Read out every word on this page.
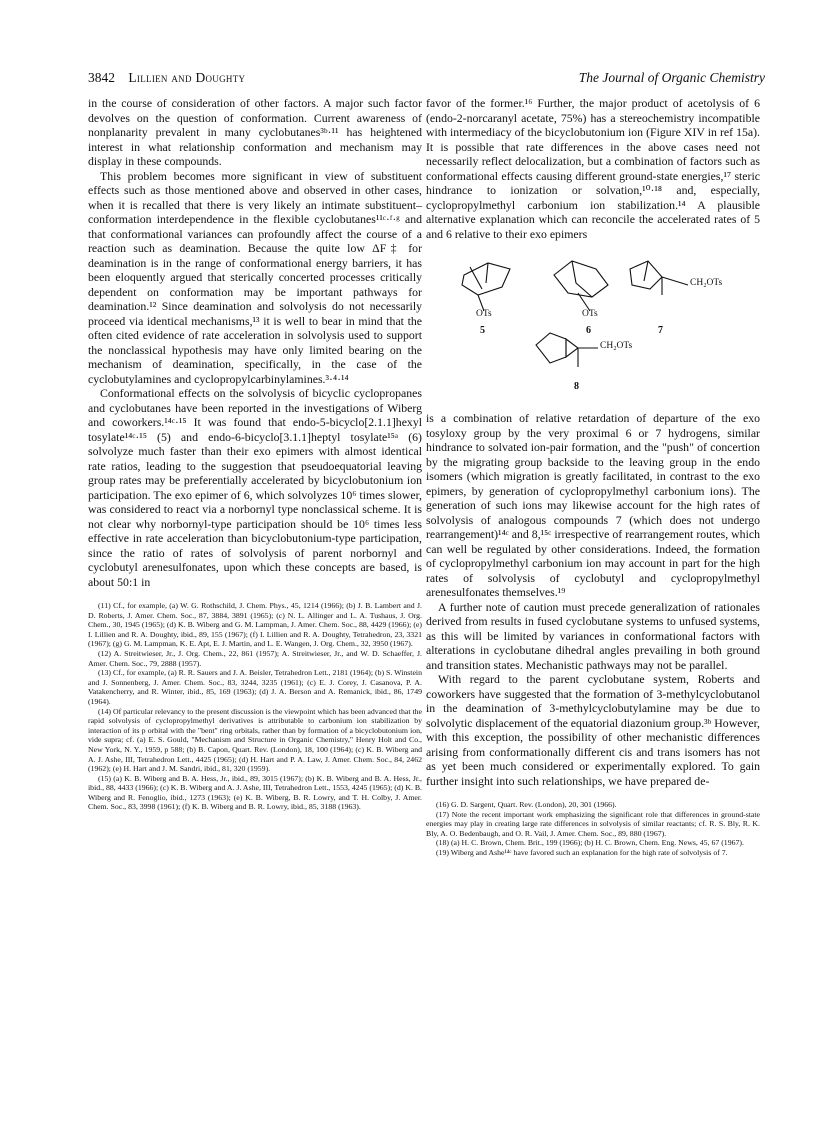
3842 Lillien and Doughty	The Journal of Organic Chemistry

in the course of consideration of other factors. A major such factor devolves on the question of conformation. Current awareness of nonplanarity prevalent in many cyclobutanes³ᵇ·¹¹ has heightened interest in what relationship conformation and mechanism may display in these compounds.

This problem becomes more significant in view of substituent effects such as those mentioned above and observed in other cases, when it is recalled that there is very likely an intimate substituent–conformation interdependence in the flexible cyclobutanes¹¹ᶜ·ᶠ·ᵍ and that conformational variances can profoundly affect the course of a reaction such as deamination. Because the quite low ΔF‡ for deamination is in the range of conformational energy barriers, it has been eloquently argued that sterically concerted processes critically dependent on conformation may be important pathways for deamination.¹² Since deamination and solvolysis do not necessarily proceed via identical mechanisms,¹³ it is well to bear in mind that the often cited evidence of rate acceleration in solvolysis used to support the nonclassical hypothesis may have only limited bearing on the mechanism of deamination, specifically, in the case of the cyclobutylamines and cyclopropylcarbinylamines.³·⁴·¹⁴

Conformational effects on the solvolysis of bicyclic cyclopropanes and cyclobutanes have been reported in the investigations of Wiberg and coworkers.¹⁴ᶜ·¹⁵ It was found that endo-5-bicyclo[2.1.1]hexyl tosylate¹⁴ᶜ·¹⁵ (5) and endo-6-bicyclo[3.1.1]heptyl tosylate¹⁵ᵃ (6) solvolyze much faster than their exo epimers with almost identical rate ratios, leading to the suggestion that pseudoequatorial leaving group rates may be preferentially accelerated by bicyclobutonium ion participation. The exo epimer of 6, which solvolyzes 10⁶ times slower, was considered to react via a norbornyl type nonclassical scheme. It is not clear why norbornyl-type participation should be 10⁶ times less effective in rate acceleration than bicyclobutonium-type participation, since the ratio of rates of solvolysis of parent norbornyl and cyclobutyl arenesulfonates, upon which these concepts are based, is about 50:1 in

(11) Cf., for example, (a) W. G. Rothschild, J. Chem. Phys., 45, 1214 (1966); (b) J. B. Lambert and J. D. Roberts, J. Amer. Chem. Soc., 87, 3884, 3891 (1965); (c) N. L. Allinger and L. A. Tushaus, J. Org. Chem., 30, 1945 (1965); (d) K. B. Wiberg and G. M. Lampman, J. Amer. Chem. Soc., 88, 4429 (1966); (e) I. Lillien and R. A. Doughty, ibid., 89, 155 (1967); (f) I. Lillien and R. A. Doughty, Tetrahedron, 23, 3321 (1967); (g) G. M. Lampman, K. E. Apt, E. J. Martin, and L. E. Wangen, J. Org. Chem., 32, 3950 (1967).

(12) A. Streitwieser, Jr., J. Org. Chem., 22, 861 (1957); A. Streitwieser, Jr., and W. D. Schaeffer, J. Amer. Chem. Soc., 79, 2888 (1957).

(13) Cf., for example, (a) R. R. Sauers and J. A. Beisler, Tetrahedron Lett., 2181 (1964); (b) S. Winstein and J. Sonnenberg, J. Amer. Chem. Soc., 83, 3244, 3235 (1961); (c) E. J. Corey, J. Casanova, P. A. Vatakencherry, and R. Winter, ibid., 85, 169 (1963); (d) J. A. Berson and A. Remanick, ibid., 86, 1749 (1964).

(14) Of particular relevancy to the present discussion is the viewpoint which has been advanced that the rapid solvolysis of cyclopropylmethyl derivatives is attributable to carbonium ion stabilization by interaction of its p orbital with the "bent" ring orbitals, rather than by formation of a bicyclobutonium ion, vide supra; cf. (a) E. S. Gould, "Mechanism and Structure in Organic Chemistry," Henry Holt and Co., New York, N. Y., 1959, p 588; (b) B. Capon, Quart. Rev. (London), 18, 100 (1964); (c) K. B. Wiberg and A. J. Ashe, III, Tetrahedron Lett., 4425 (1965); (d) H. Hart and P. A. Law, J. Amer. Chem. Soc., 84, 2462 (1962); (e) H. Hart and J. M. Sandri, ibid., 81, 320 (1959).

(15) (a) K. B. Wiberg and B. A. Hess, Jr., ibid., 89, 3015 (1967); (b) K. B. Wiberg and B. A. Hess, Jr., ibid., 88, 4433 (1966); (c) K. B. Wiberg and A. J. Ashe, III, Tetrahedron Lett., 1553, 4245 (1965); (d) K. B. Wiberg and R. Fenoglio, ibid., 1273 (1963); (e) K. B. Wiberg, B. R. Lowry, and T. H. Colby, J. Amer. Chem. Soc., 83, 3998 (1961); (f) K. B. Wiberg and B. R. Lowry, ibid., 85, 3188 (1963).

favor of the former.¹⁶ Further, the major product of acetolysis of 6 (endo-2-norcaranyl acetate, 75%) has a stereochemistry incompatible with intermediacy of the bicyclobutonium ion (Figure XIV in ref 15a). It is possible that rate differences in the above cases need not necessarily reflect delocalization, but a combination of factors such as conformational effects causing different ground-state energies,¹⁷ steric hindrance to ionization or solvation,¹⁰·¹⁸ and, especially, cyclopropylmethyl carbonium ion stabilization.¹⁴ A plausible alternative explanation which can reconcile the accelerated rates of 5 and 6 relative to their exo epimers

OTs	OTs
CH₂OTs
CH₂OTs
5	6	7
8

is a combination of relative retardation of departure of the exo tosyloxy group by the very proximal 6 or 7 hydrogens, similar hindrance to solvated ion-pair formation, and the "push" of concertion by the migrating group backside to the leaving group in the endo isomers (which migration is greatly facilitated, in contrast to the exo epimers, by generation of cyclopropylmethyl carbonium ions). The generation of such ions may likewise account for the high rates of solvolysis of analogous compounds 7 (which does not undergo rearrangement)¹⁴ᶜ and 8,¹⁵ᶜ irrespective of rearrangement routes, which can well be regulated by other considerations. Indeed, the formation of cyclopropylmethyl carbonium ion may account in part for the high rates of solvolysis of cyclobutyl and cyclopropylmethyl arenesulfonates themselves.¹⁹

A further note of caution must precede generalization of rationales derived from results in fused cyclobutane systems to unfused systems, as this will be limited by variances in conformational factors with alterations in cyclobutane dihedral angles prevailing in both ground and transition states. Mechanistic pathways may not be parallel.

With regard to the parent cyclobutane system, Roberts and coworkers have suggested that the formation of 3-methylcyclobutanol in the deamination of 3-methylcyclobutylamine may be due to solvolytic displacement of the equatorial diazonium group.³ᵇ However, with this exception, the possibility of other mechanistic differences arising from conformationally different cis and trans isomers has not as yet been much considered or experimentally explored. To gain further insight into such relationships, we have prepared de-

(16) G. D. Sargent, Quart. Rev. (London), 20, 301 (1966).

(17) Note the recent important work emphasizing the significant role that differences in ground-state energies may play in creating large rate differences in solvolysis of similar reactants; cf. R. S. Bly, R. K. Bly, A. O. Bedenbaugh, and O. R. Vail, J. Amer. Chem. Soc., 89, 880 (1967).

(18) (a) H. C. Brown, Chem. Brit., 199 (1966); (b) H. C. Brown, Chem. Eng. News, 45, 67 (1967).

(19) Wiberg and Ashe¹⁴ᶜ have favored such an explanation for the high rate of solvolysis of 7.
